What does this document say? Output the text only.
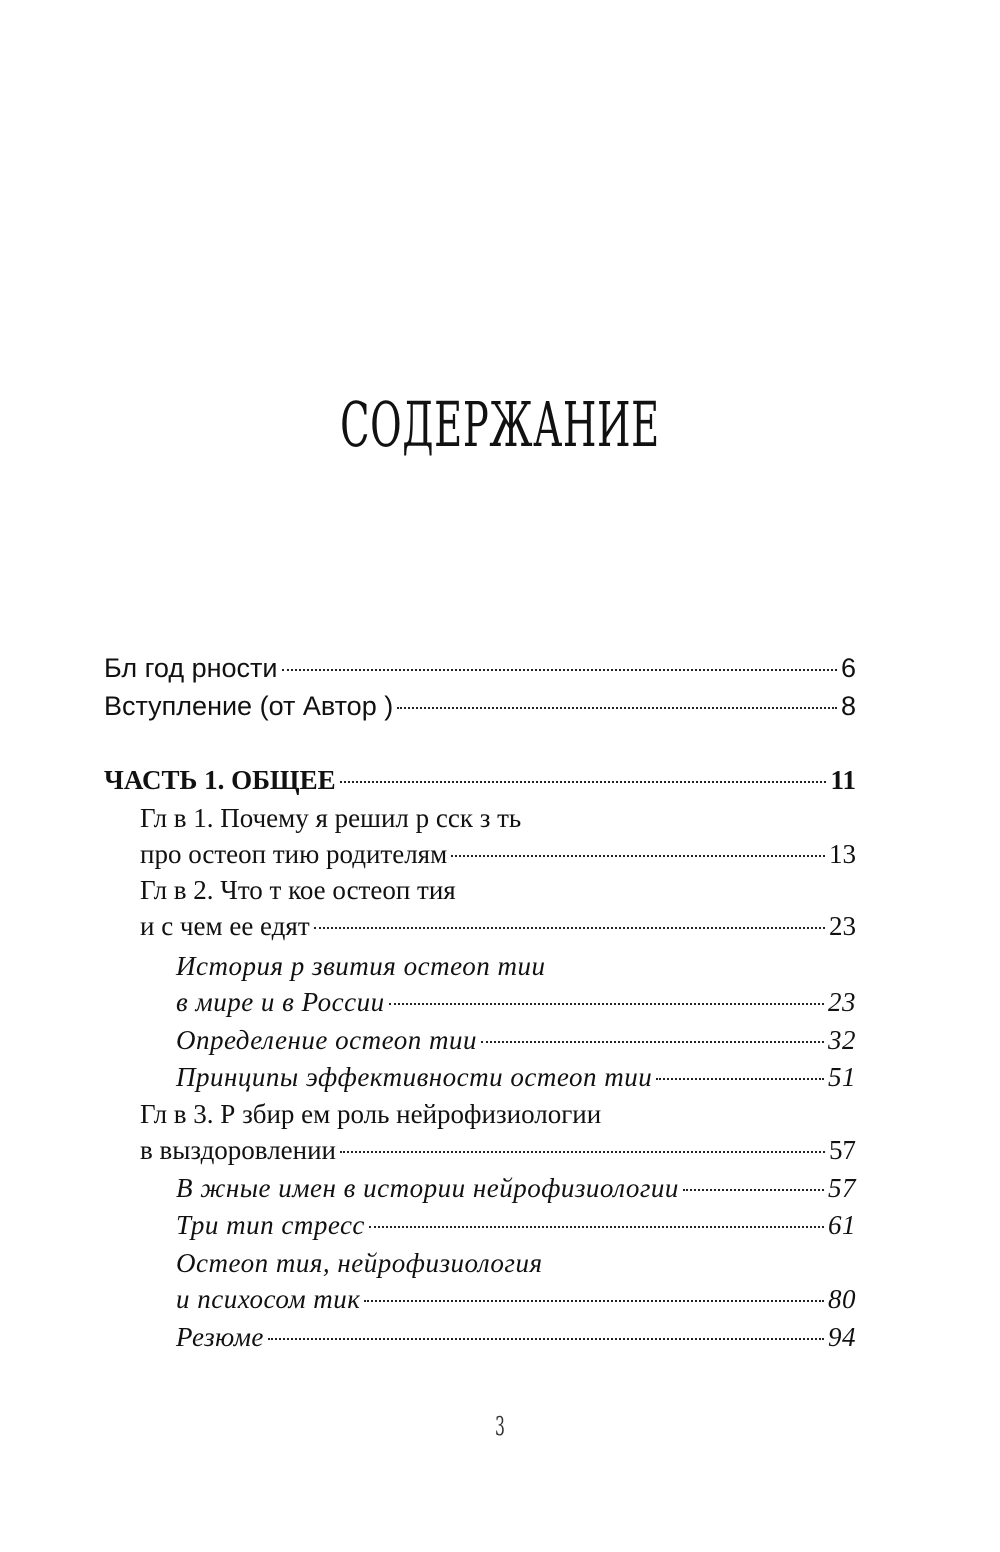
СОДЕРЖАНИЕ
Бл год рности	6
Вступление (от Автор )	8
ЧАСТЬ 1. ОБЩЕЕ	11
Гл в 1. Почему я решил р сск з ть
про остеоп тию родителям	13
Гл в 2. Что т кое остеоп тия
и с чем ее едят	23
История р звития остеоп тии
в мире и в России	23
Определение остеоп тии	32
Принципы эффективности остеоп тии	51
Гл в 3. Р збир ем роль нейрофизиологии
в выздоровлении	57
В жные имен в истории нейрофизиологии	57
Три тип стресс	61
Остеоп тия, нейрофизиология
и психосом тик	80
Резюме	94
3
